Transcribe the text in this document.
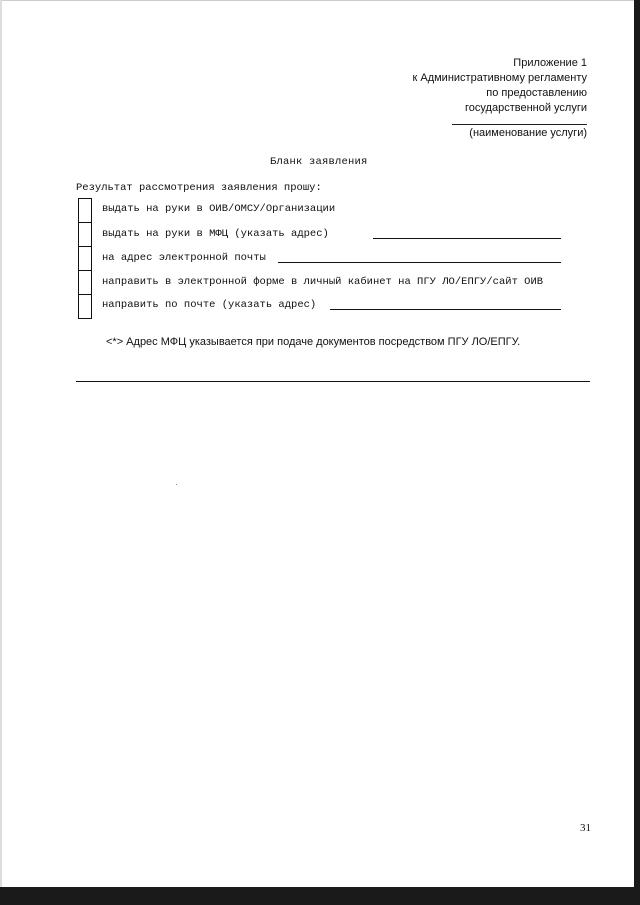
Приложение 1
к Административному регламенту
по предоставлению
государственной услуги
(наименование услуги)
Бланк заявления
Результат рассмотрения заявления прошу:
выдать на руки в ОИВ/ОМСУ/Организации
выдать на руки в МФЦ (указать адрес)
на адрес электронной почты
направить в электронной форме в личный кабинет на ПГУ ЛО/ЕПГУ/сайт ОИВ
направить по почте (указать адрес)
<*> Адрес МФЦ указывается при подаче документов посредством ПГУ ЛО/ЕПГУ.
31
